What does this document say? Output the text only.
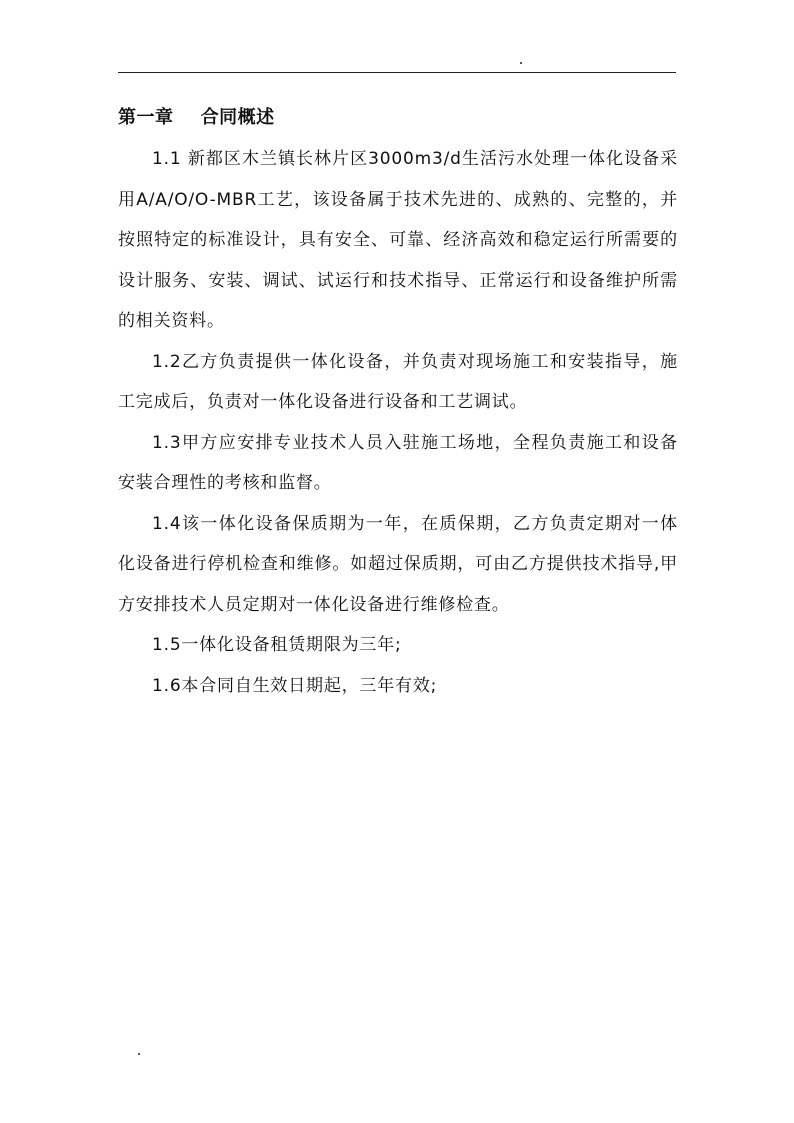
第一章    合同概述

1.1 新都区木兰镇长林片区3000m3/d生活污水处理一体化设备采用A/A/O/O-MBR工艺，该设备属于技术先进的、成熟的、完整的，并按照特定的标准设计，具有安全、可靠、经济高效和稳定运行所需要的设计服务、安装、调试、试运行和技术指导、正常运行和设备维护所需的相关资料。

1.2乙方负责提供一体化设备，并负责对现场施工和安装指导，施工完成后，负责对一体化设备进行设备和工艺调试。

1.3甲方应安排专业技术人员入驻施工场地，全程负责施工和设备安装合理性的考核和监督。

1.4该一体化设备保质期为一年，在质保期，乙方负责定期对一体化设备进行停机检查和维修。如超过保质期，可由乙方提供技术指导,甲方安排技术人员定期对一体化设备进行维修检查。

1.5一体化设备租赁期限为三年;

1.6本合同自生效日期起，三年有效;
